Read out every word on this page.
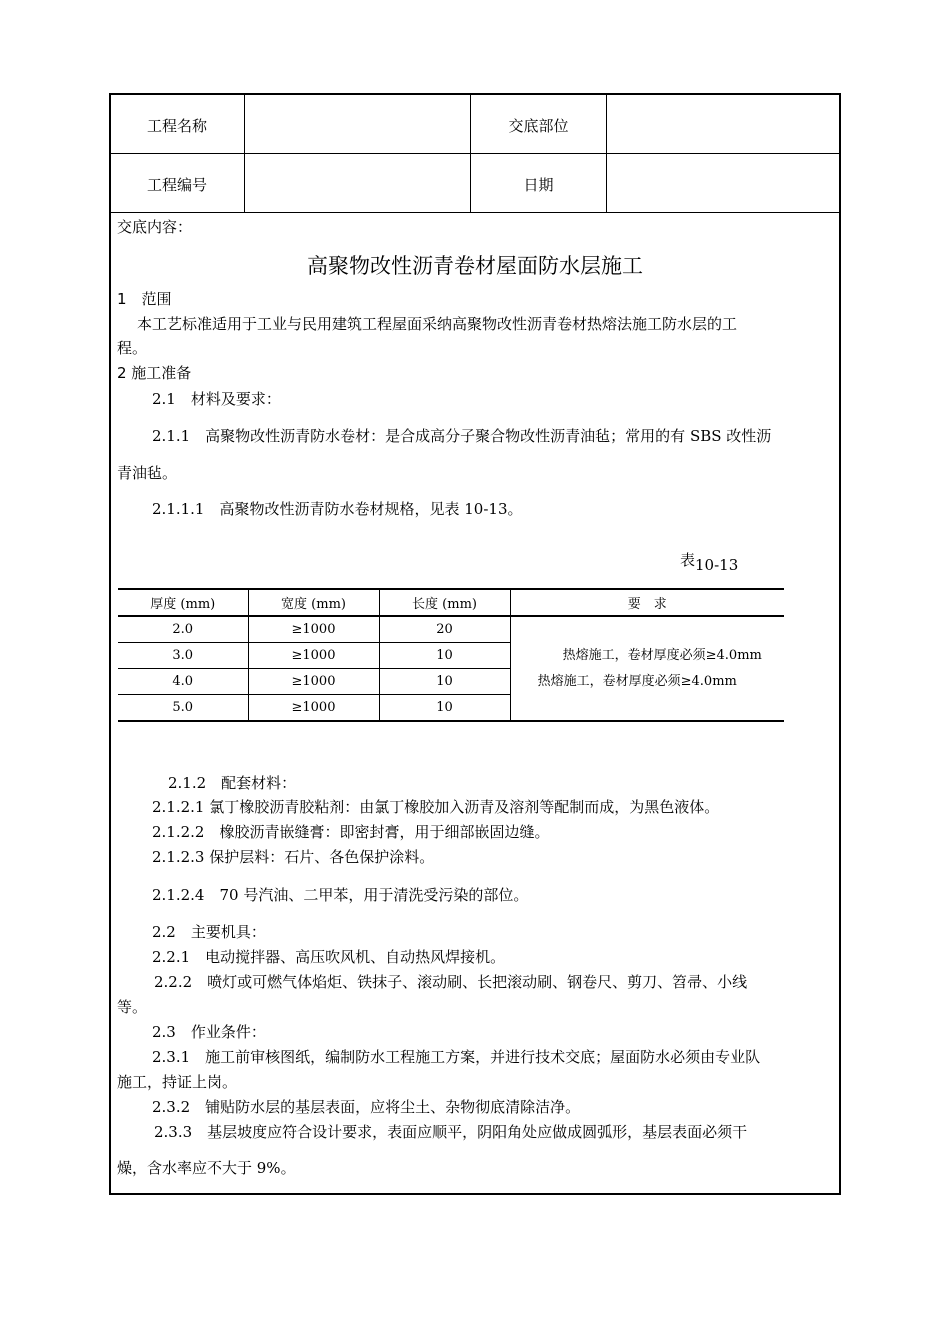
工程名称	交底部位
工程编号	日期
交底内容：
高聚物改性沥青卷材屋面防水层施工
1　范围
本工艺标准适用于工业与民用建筑工程屋面采纳高聚物改性沥青卷材热熔法施工防水层的工
程。
2 施工准备
2.1　材料及要求：
2.1.1　高聚物改性沥青防水卷材：是合成高分子聚合物改性沥青油毡；常用的有 SBS 改性沥
青油毡。
2.1.1.1　高聚物改性沥青防水卷材规格，见表 10-13。
表10-13
厚度 (mm)	宽度 (mm)	长度 (mm)	要　求
2.0	≥1000	20	热熔施工，卷材厚度必须≥4.0mm
热熔施工，卷材厚度必须≥4.0mm

3.0	≥1000	10	
4.0	≥1000	10	
5.0	≥1000	10	
2.1.2　配套材料：
2.1.2.1 氯丁橡胶沥青胶粘剂：由氯丁橡胶加入沥青及溶剂等配制而成，为黑色液体。
2.1.2.2　橡胶沥青嵌缝膏：即密封膏，用于细部嵌固边缝。
2.1.2.3 保护层料：石片、各色保护涂料。
2.1.2.4　70 号汽油、二甲苯，用于清洗受污染的部位。
2.2　主要机具：
2.2.1　电动搅拌器、高压吹风机、自动热风焊接机。
2.2.2　喷灯或可燃气体焰炬、铁抹子、滚动刷、长把滚动刷、钢卷尺、剪刀、笤帚、小线
等。
2.3　作业条件：
2.3.1　施工前审核图纸，编制防水工程施工方案，并进行技术交底；屋面防水必须由专业队
施工，持证上岗。
2.3.2　铺贴防水层的基层表面，应将尘土、杂物彻底清除洁净。
2.3.3　基层坡度应符合设计要求，表面应顺平，阴阳角处应做成圆弧形，基层表面必须干
燥，含水率应不大于 9%。
